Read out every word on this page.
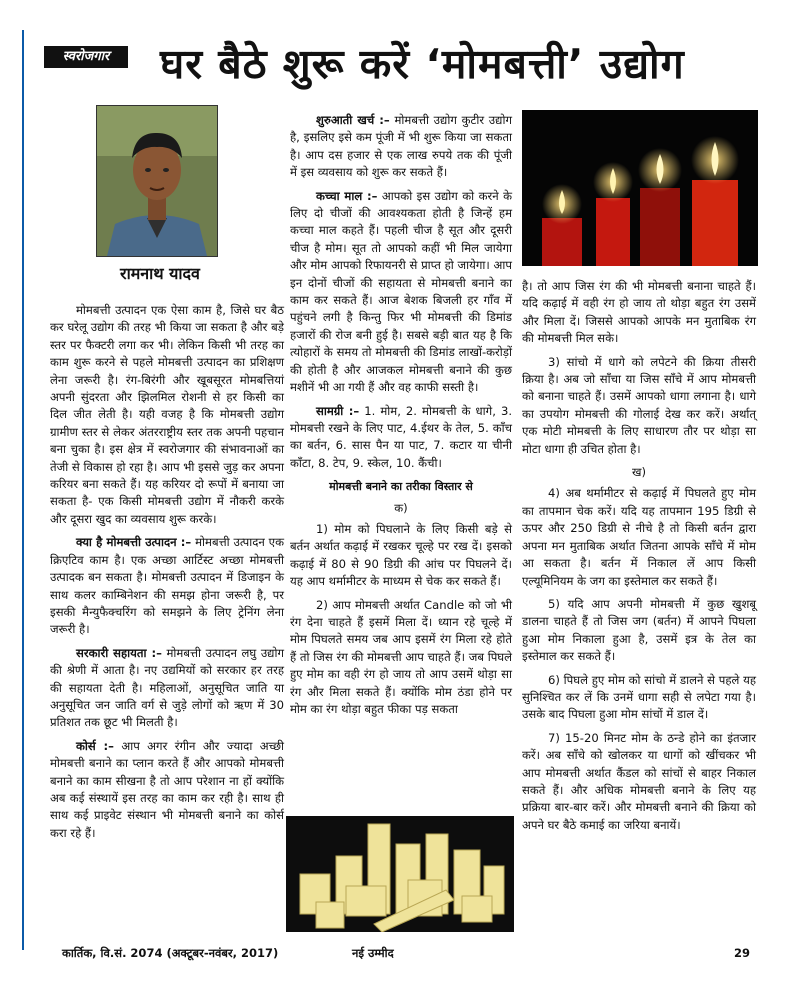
स्वरोजगार	घर बैठे शुरू करें ‘मोमबत्ती’ उद्योग
रामनाथ यादव

मोमबत्ती उत्पादन एक ऐसा काम है, जिसे घर बैठ कर घरेलू उद्योग की तरह भी किया जा सकता है और बड़े स्तर पर फैक्टरी लगा कर भी। लेकिन किसी भी तरह का काम शुरू करने से पहले मोमबत्ती उत्पादन का प्रशिक्षण लेना जरूरी है। रंग-बिरंगी और खूबसूरत मोमबत्तियां अपनी सुंदरता और झिलमिल रोशनी से हर किसी का दिल जीत लेती है। यही वजह है कि मोमबत्ती उद्योग ग्रामीण स्तर से लेकर अंतरराष्ट्रीय स्तर तक अपनी पहचान बना चुका है। इस क्षेत्र में स्वरोजगार की संभावनाओं का तेजी से विकास हो रहा है। आप भी इससे जुड़ कर अपना करियर बना सकते हैं। यह करियर दो रूपों में बनाया जा सकता है- एक किसी मोमबत्ती उद्योग में नौकरी करके और दूसरा खुद का व्यवसाय शुरू करके।

क्या है मोमबत्ती उत्पादन :– मोमबत्ती उत्पादन एक क्रिएटिव काम है। एक अच्छा आर्टिस्ट अच्छा मोमबत्ती उत्पादक बन सकता है। मोमबत्ती उत्पादन में डिजाइन के साथ कलर काम्बिनेशन की समझ होना जरूरी है, पर इसकी मैन्युफैक्चरिंग को समझने के लिए ट्रेनिंग लेना जरूरी है।

सरकारी सहायता :– मोमबत्ती उत्पादन लघु उद्योग की श्रेणी में आता है। नए उद्यमियों को सरकार हर तरह की सहायता देती है। महिलाओं, अनुसूचित जाति या अनुसूचित जन जाति वर्ग से जुड़े लोगों को ऋण में 30 प्रतिशत तक छूट भी मिलती है।

कोर्स :– आप अगर रंगीन और ज्यादा अच्छी मोमबत्ती बनाने का प्लान करते हैं और आपको मोमबत्ती बनाने का काम सीखना है तो आप परेशान ना हों क्योंकि अब कई संस्थायें इस तरह का काम कर रही है। साथ ही साथ कई प्राइवेट संस्थान भी मोमबत्ती बनाने का कोर्स करा रहे हैं।

शुरुआती खर्च :– मोमबत्ती उद्योग कुटीर उद्योग है, इसलिए इसे कम पूंजी में भी शुरू किया जा सकता है। आप दस हजार से एक लाख रुपये तक की पूंजी में इस व्यवसाय को शुरू कर सकते हैं।

कच्चा माल :– आपको इस उद्योग को करने के लिए दो चीजों की आवश्यकता होती है जिन्हें हम कच्चा माल कहते हैं। पहली चीज है सूत और दूसरी चीज है मोम। सूत तो आपको कहीं भी मिल जायेगा और मोम आपको रिफायनरी से प्राप्त हो जायेगा। आप इन दोनों चीजों की सहायता से मोमबत्ती बनाने का काम कर सकते हैं। आज बेशक बिजली हर गाँव में पहुंचने लगी है किन्तु फिर भी मोमबत्ती की डिमांड हजारों की रोज बनी हुई है। सबसे बड़ी बात यह है कि त्योहारों के समय तो मोमबत्ती की डिमांड लाखों-करोड़ों की होती है और आजकल मोमबत्ती बनाने की कुछ मशीनें भी आ गयी हैं और वह काफी सस्ती है।

सामग्री :– 1. मोम, 2. मोमबत्ती के धागे, 3. मोमबत्ती रखने के लिए पाट, 4.ईथर के तेल, 5. काँच का बर्तन, 6. सास पैन या पाट, 7. कटार या चीनी काँटा, 8. टेप, 9. स्केल, 10. कैंची।

मोमबत्ती बनाने का तरीका विस्तार से
क)

1) मोम को पिघलाने के लिए किसी बड़े से बर्तन अर्थात कढ़ाई में रखकर चूल्हे पर रख दें। इसको कढ़ाई में 80 से 90 डिग्री की आंच पर पिघलने दें। यह आप थर्मामीटर के माध्यम से चेक कर सकते हैं।

2) आप मोमबत्ती अर्थात Candle को जो भी रंग देना चाहते हैं इसमें मिला दें। ध्यान रहे चूल्हे में मोम पिघलते समय जब आप इसमें रंग मिला रहे होते हैं तो जिस रंग की मोमबत्ती आप चाहते हैं। जब पिघले हुए मोम का वही रंग हो जाय तो आप उसमें थोड़ा सा रंग और मिला सकते हैं। क्योंकि मोम ठंडा होने पर मोम का रंग थोड़ा बहुत फीका पड़ सकता

है। तो आप जिस रंग की भी मोमबत्ती बनाना चाहते हैं। यदि कढ़ाई में वही रंग हो जाय तो थोड़ा बहुत रंग उसमें और मिला दें। जिससे आपको आपके मन मुताबिक रंग की मोमबत्ती मिल सके।

3) सांचो में धागे को लपेटने की क्रिया तीसरी क्रिया है। अब जो साँचा या जिस साँचे में आप मोमबत्ती को बनाना चाहते हैं। उसमें आपको धागा लगाना है। धागे का उपयोग मोमबत्ती की गोलाई देख कर करें। अर्थात् एक मोटी मोमबत्ती के लिए साधारण तौर पर थोड़ा सा मोटा धागा ही उचित होता है।

ख)

4) अब थर्मामीटर से कढ़ाई में पिघलते हुए मोम का तापमान चेक करें। यदि यह तापमान 195 डिग्री से ऊपर और 250 डिग्री से नीचे है तो किसी बर्तन द्वारा अपना मन मुताबिक अर्थात जितना आपके साँचे में मोम आ सकता है। बर्तन में निकाल लें आप किसी एल्यूमिनियम के जग का इस्तेमाल कर सकते हैं।

5) यदि आप अपनी मोमबत्ती में कुछ खुशबू डालना चाहते हैं तो जिस जग (बर्तन) में आपने पिघला हुआ मोम निकाला हुआ है, उसमें इत्र के तेल का इस्तेमाल कर सकते हैं।

6) पिघले हुए मोम को सांचो में डालने से पहले यह सुनिश्चित कर लें कि उनमें धागा सही से लपेटा गया है। उसके बाद पिघला हुआ मोम सांचों में डाल दें।

7) 15-20 मिनट मोम के ठन्डे होने का इंतजार करें। अब साँचे को खोलकर या धागों को खींचकर भी आप मोमबत्ती अर्थात कैंडल को सांचों से बाहर निकाल सकते हैं। और अधिक मोमबत्ती बनाने के लिए यह प्रक्रिया बार-बार करें। और मोमबत्ती बनाने की क्रिया को अपने घर बैठे कमाई का जरिया बनायें।

कार्तिक, वि.सं. 2074 (अक्टूबर-नवंबर, 2017)	नई उम्मीद	29
